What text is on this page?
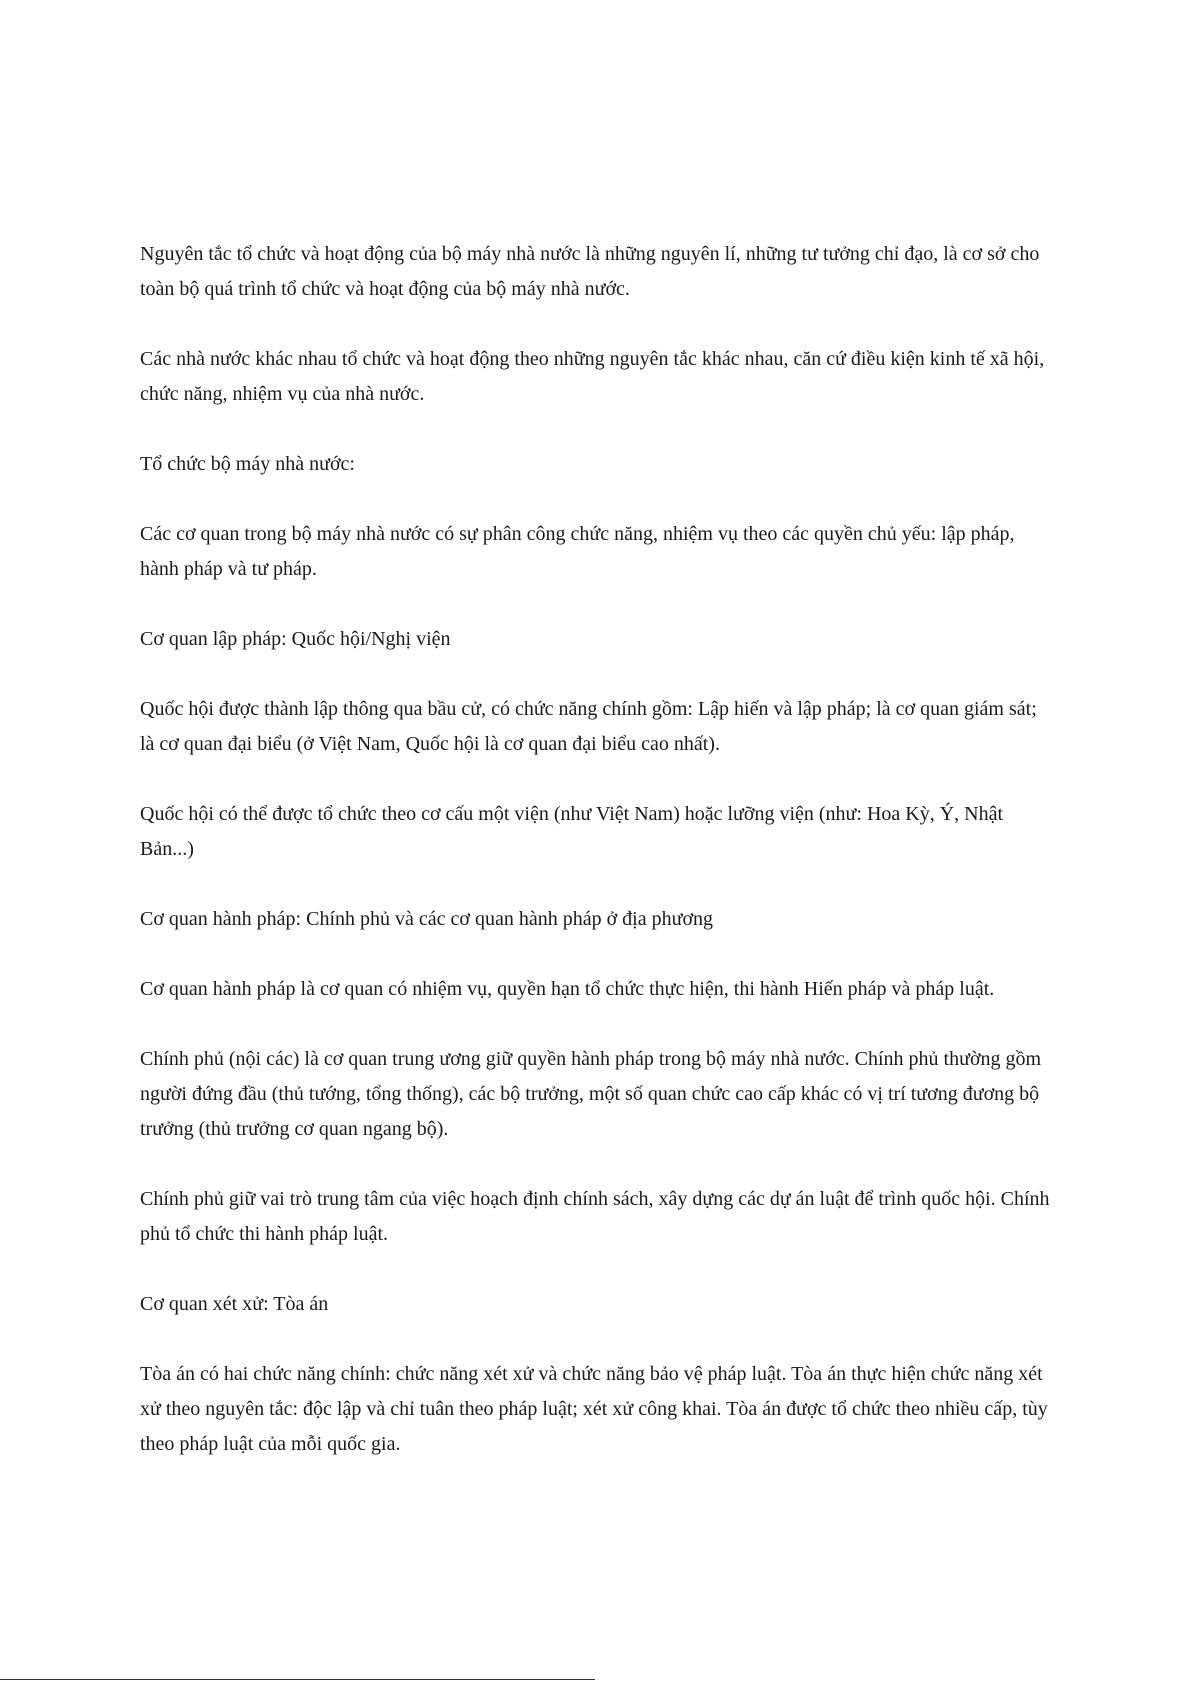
Nguyên tắc tổ chức và hoạt động của bộ máy nhà nước là những nguyên lí, những tư tưởng chỉ đạo, là cơ sở cho toàn bộ quá trình tổ chức và hoạt động của bộ máy nhà nước.

Các nhà nước khác nhau tổ chức và hoạt động theo những nguyên tắc khác nhau, căn cứ điều kiện kinh tế xã hội, chức năng, nhiệm vụ của nhà nước.

Tổ chức bộ máy nhà nước:

Các cơ quan trong bộ máy nhà nước có sự phân công chức năng, nhiệm vụ theo các quyền chủ yếu: lập pháp, hành pháp và tư pháp.

Cơ quan lập pháp: Quốc hội/Nghị viện

Quốc hội được thành lập thông qua bầu cử, có chức năng chính gồm: Lập hiến và lập pháp; là cơ quan giám sát; là cơ quan đại biểu (ở Việt Nam, Quốc hội là cơ quan đại biểu cao nhất).

Quốc hội có thể được tổ chức theo cơ cấu một viện (như Việt Nam) hoặc lưỡng viện (như: Hoa Kỳ, Ý, Nhật Bản...)

Cơ quan hành pháp: Chính phủ và các cơ quan hành pháp ở địa phương

Cơ quan hành pháp là cơ quan có nhiệm vụ, quyền hạn tổ chức thực hiện, thi hành Hiến pháp và pháp luật.

Chính phủ (nội các) là cơ quan trung ương giữ quyền hành pháp trong bộ máy nhà nước. Chính phủ thường gồm người đứng đầu (thủ tướng, tổng thống), các bộ trưởng, một số quan chức cao cấp khác có vị trí tương đương bộ trưởng (thủ trưởng cơ quan ngang bộ).

Chính phủ giữ vai trò trung tâm của việc hoạch định chính sách, xây dựng các dự án luật để trình quốc hội. Chính phủ tổ chức thi hành pháp luật.

Cơ quan xét xử: Tòa án

Tòa án có hai chức năng chính: chức năng xét xử và chức năng bảo vệ pháp luật. Tòa án thực hiện chức năng xét xử theo nguyên tắc: độc lập và chỉ tuân theo pháp luật; xét xử công khai. Tòa án được tổ chức theo nhiều cấp, tùy theo pháp luật của mỗi quốc gia.
